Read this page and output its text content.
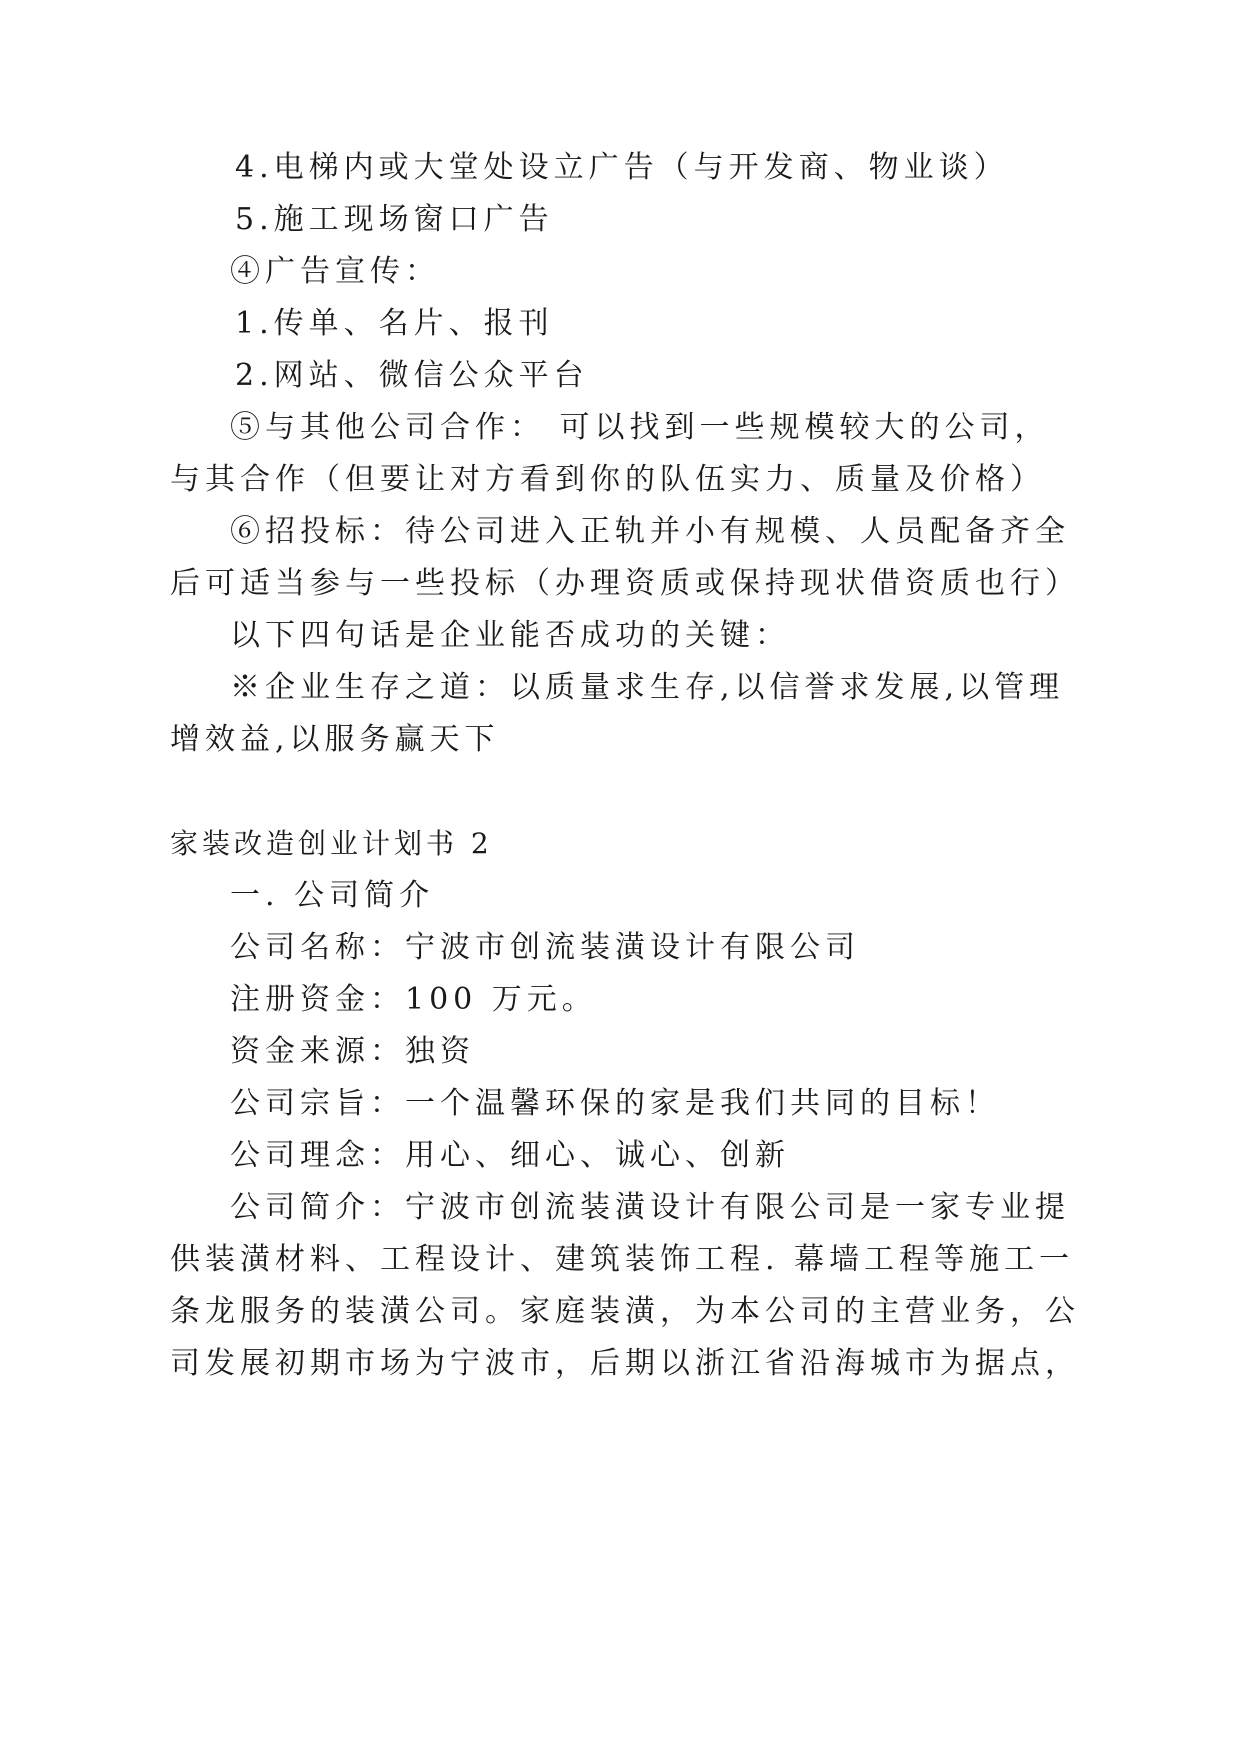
4.电梯内或大堂处设立广告（与开发商、物业谈）

5.施工现场窗口广告

④广告宣传：

1.传单、名片、报刊

2.网站、微信公众平台

⑤与其他公司合作： 可以找到一些规模较大的公司，

与其合作（但要让对方看到你的队伍实力、质量及价格）

⑥招投标：待公司进入正轨并小有规模、人员配备齐全

后可适当参与一些投标（办理资质或保持现状借资质也行）

以下四句话是企业能否成功的关键：

※企业生存之道：以质量求生存,以信誉求发展,以管理

增效益,以服务赢天下

家装改造创业计划书 2

一. 公司简介

公司名称：宁波市创流装潢设计有限公司

注册资金：100 万元。

资金来源：独资

公司宗旨：一个温馨环保的家是我们共同的目标！

公司理念：用心、细心、诚心、创新

公司简介：宁波市创流装潢设计有限公司是一家专业提

供装潢材料、工程设计、建筑装饰工程. 幕墙工程等施工一

条龙服务的装潢公司。家庭装潢，为本公司的主营业务，公

司发展初期市场为宁波市，后期以浙江省沿海城市为据点，
